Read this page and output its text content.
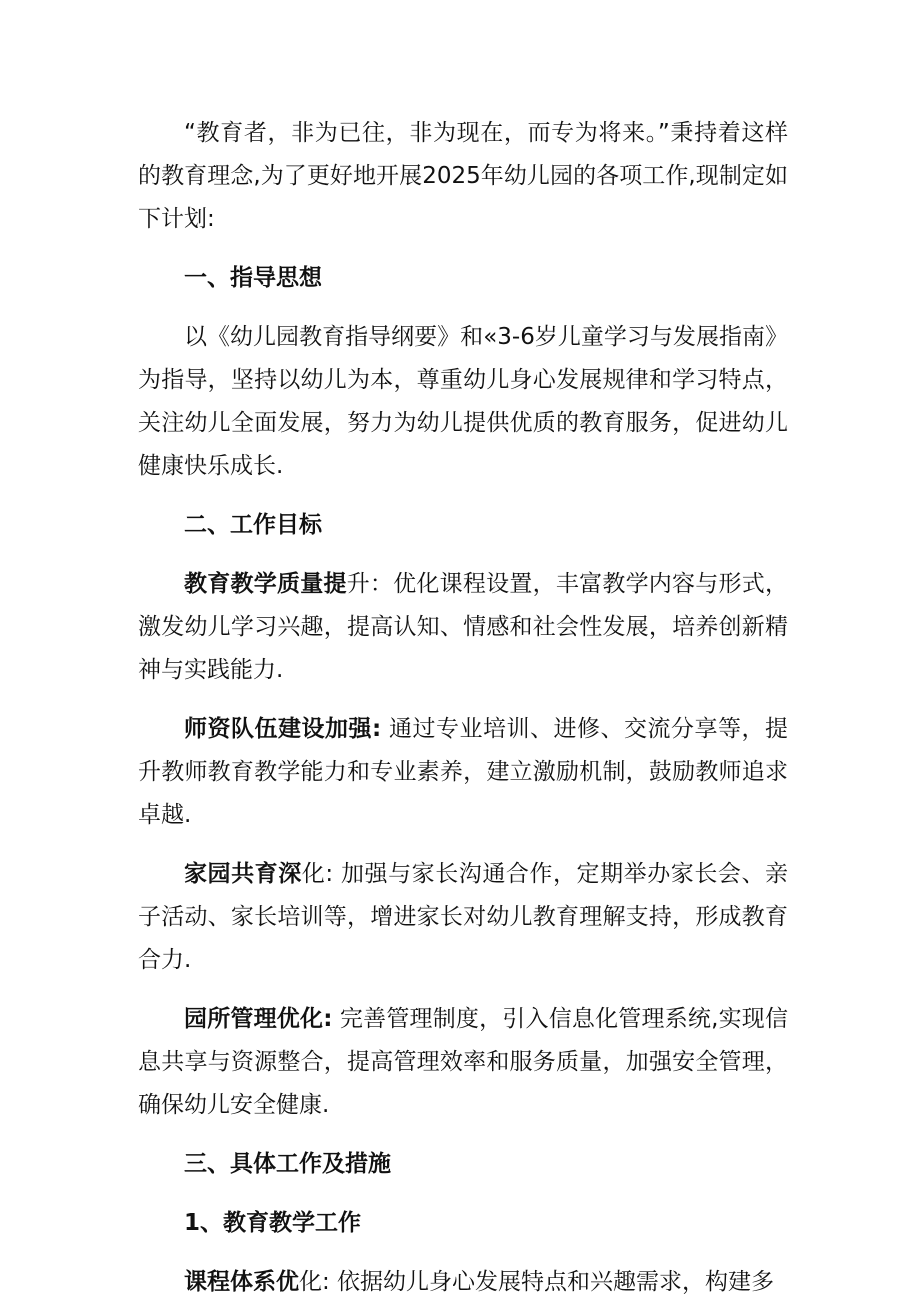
“教育者，非为已往，非为现在，而专为将来。”秉持着这样的教育理念,为了更好地开展2025年幼儿园的各项工作,现制定如下计划:

一、指导思想

以《幼儿园教育指导纲要》和«3-6岁儿童学习与发展指南》为指导，坚持以幼儿为本，尊重幼儿身心发展规律和学习特点，关注幼儿全面发展，努力为幼儿提供优质的教育服务，促进幼儿健康快乐成长.

二、工作目标

教育教学质量提升：优化课程设置，丰富教学内容与形式，激发幼儿学习兴趣，提高认知、情感和社会性发展，培养创新精神与实践能力.

师资队伍建设加强: 通过专业培训、进修、交流分享等，提升教师教育教学能力和专业素养，建立激励机制，鼓励教师追求卓越.

家园共育深化: 加强与家长沟通合作，定期举办家长会、亲子活动、家长培训等，增进家长对幼儿教育理解支持，形成教育合力.

园所管理优化: 完善管理制度，引入信息化管理系统,实现信息共享与资源整合，提高管理效率和服务质量，加强安全管理，确保幼儿安全健康.

三、具体工作及措施

1、教育教学工作

课程体系优化: 依据幼儿身心发展特点和兴趣需求，构建多
